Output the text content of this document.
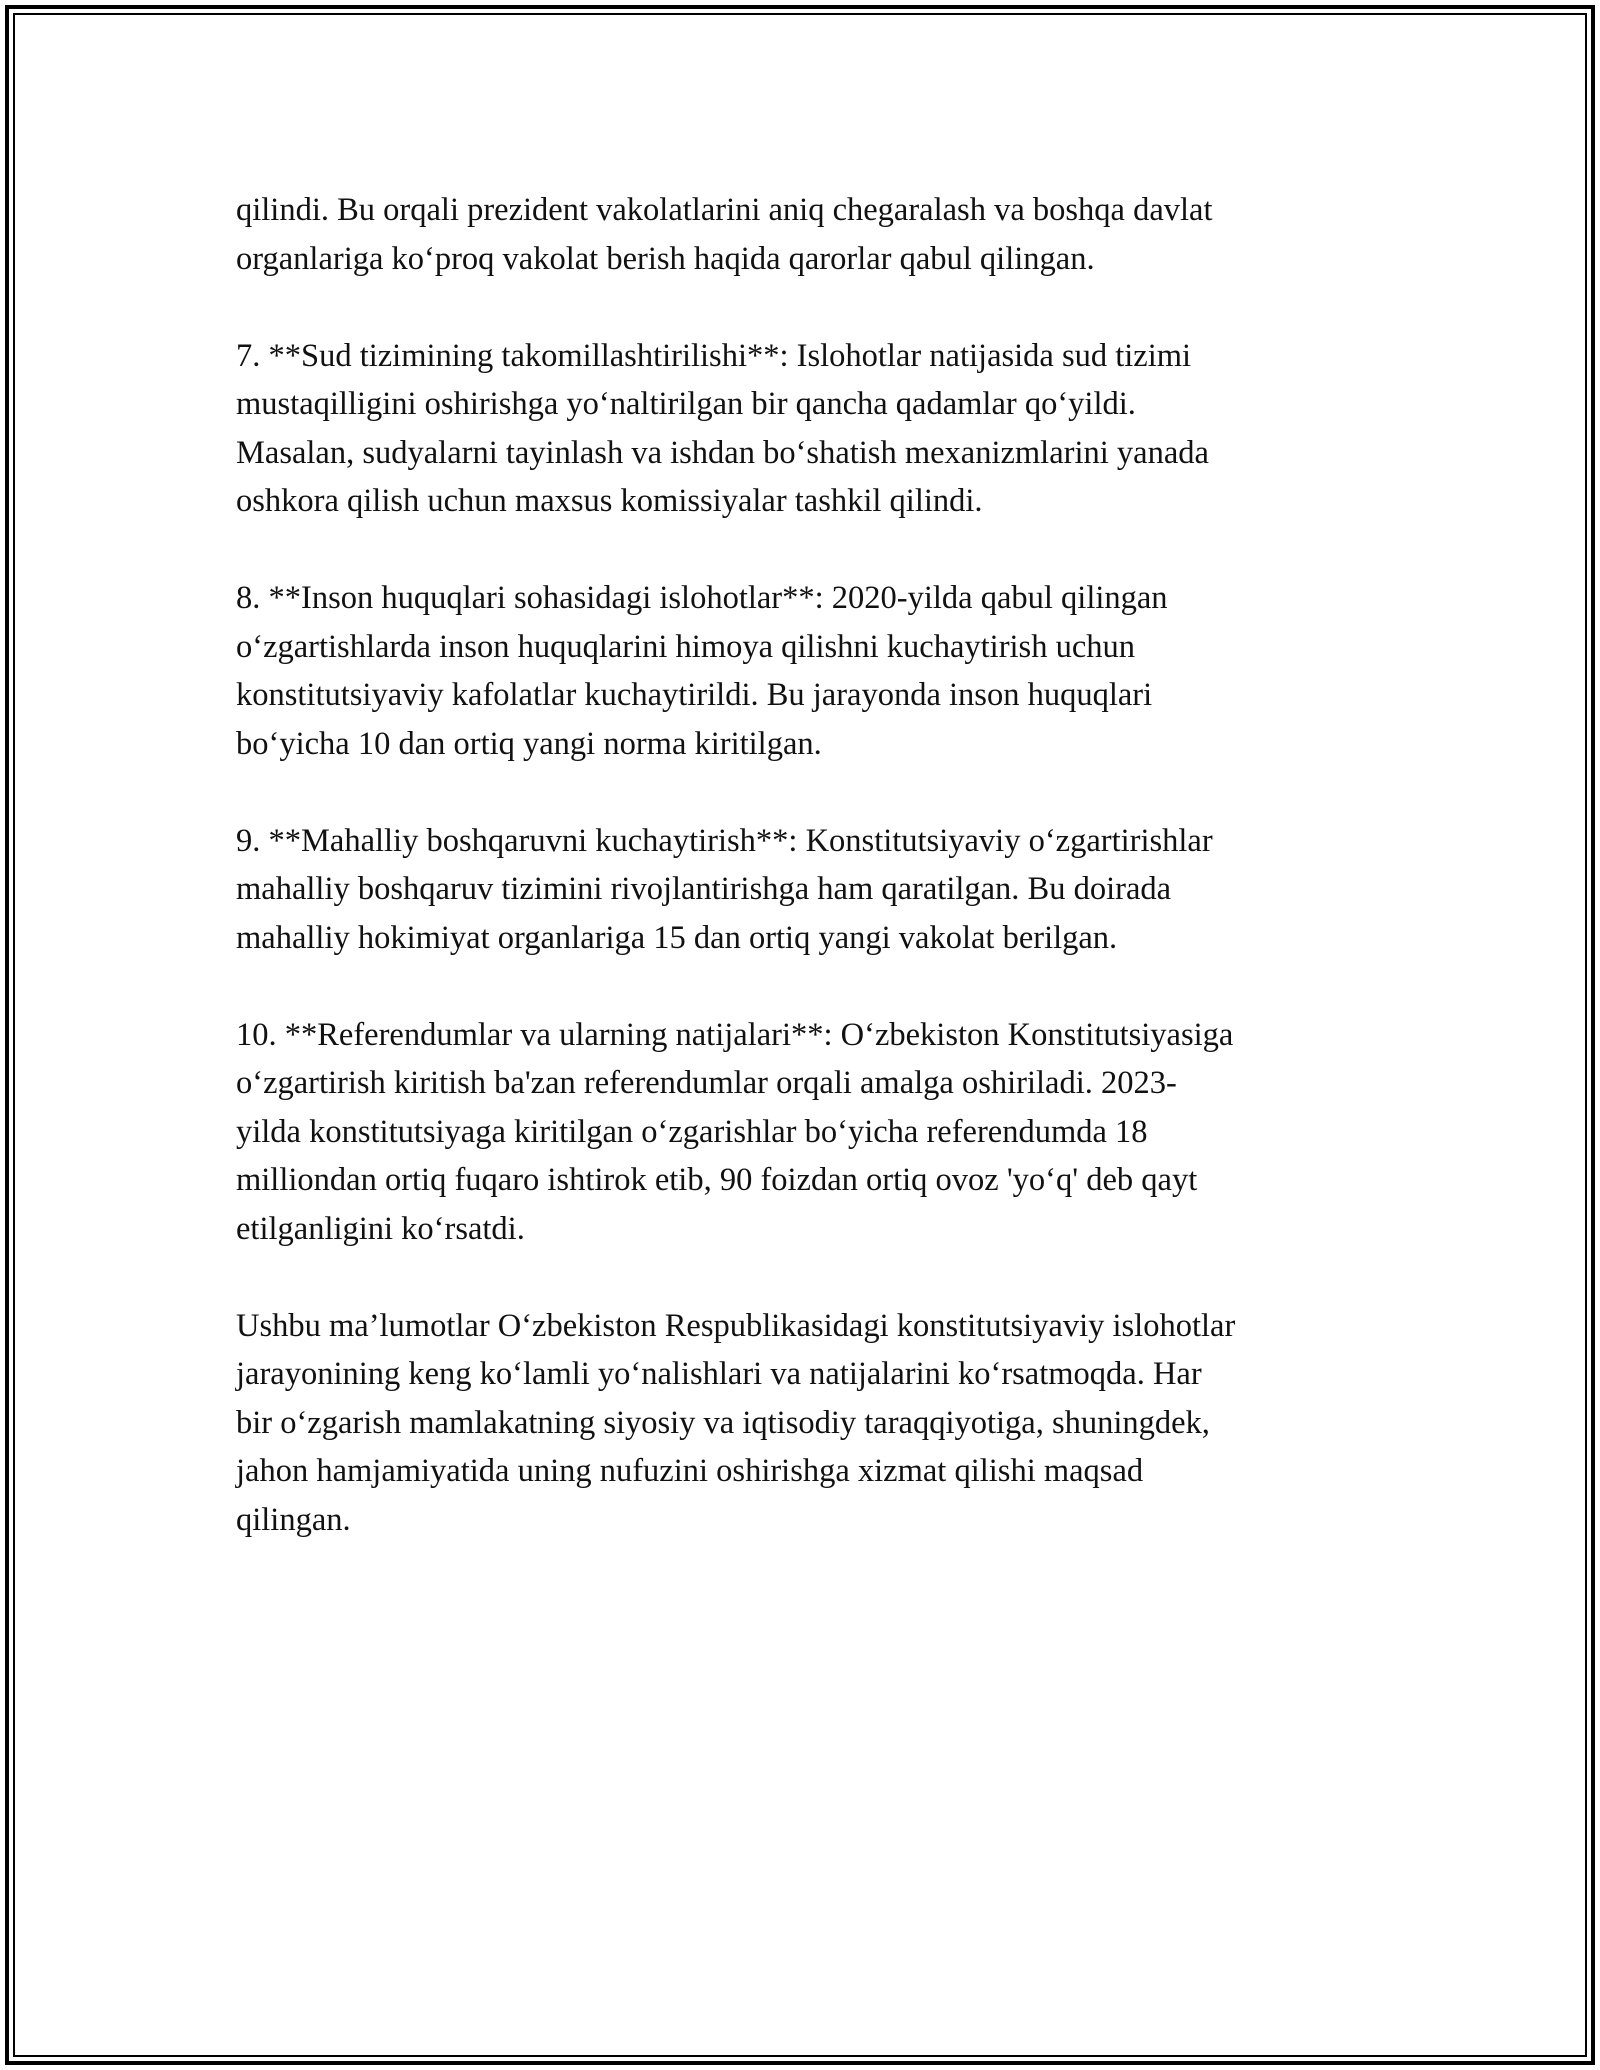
qilindi. Bu orqali prezident vakolatlarini aniq chegaralash va boshqa davlat
organlariga ko‘proq vakolat berish haqida qarorlar qabul qilingan.

7. **Sud tizimining takomillashtirilishi**: Islohotlar natijasida sud tizimi
mustaqilligini oshirishga yo‘naltirilgan bir qancha qadamlar qo‘yildi.
Masalan, sudyalarni tayinlash va ishdan bo‘shatish mexanizmlarini yanada
oshkora qilish uchun maxsus komissiyalar tashkil qilindi.

8. **Inson huquqlari sohasidagi islohotlar**: 2020-yilda qabul qilingan
o‘zgartishlarda inson huquqlarini himoya qilishni kuchaytirish uchun
konstitutsiyaviy kafolatlar kuchaytirildi. Bu jarayonda inson huquqlari
bo‘yicha 10 dan ortiq yangi norma kiritilgan.

9. **Mahalliy boshqaruvni kuchaytirish**: Konstitutsiyaviy o‘zgartirishlar
mahalliy boshqaruv tizimini rivojlantirishga ham qaratilgan. Bu doirada
mahalliy hokimiyat organlariga 15 dan ortiq yangi vakolat berilgan.

10. **Referendumlar va ularning natijalari**: O‘zbekiston Konstitutsiyasiga
o‘zgartirish kiritish ba'zan referendumlar orqali amalga oshiriladi. 2023-
yilda konstitutsiyaga kiritilgan o‘zgarishlar bo‘yicha referendumda 18
milliondan ortiq fuqaro ishtirok etib, 90 foizdan ortiq ovoz 'yo‘q' deb qayt
etilganligini ko‘rsatdi.

Ushbu ma’lumotlar O‘zbekiston Respublikasidagi konstitutsiyaviy islohotlar
jarayonining keng ko‘lamli yo‘nalishlari va natijalarini ko‘rsatmoqda. Har
bir o‘zgarish mamlakatning siyosiy va iqtisodiy taraqqiyotiga, shuningdek,
jahon hamjamiyatida uning nufuzini oshirishga xizmat qilishi maqsad
qilingan.
